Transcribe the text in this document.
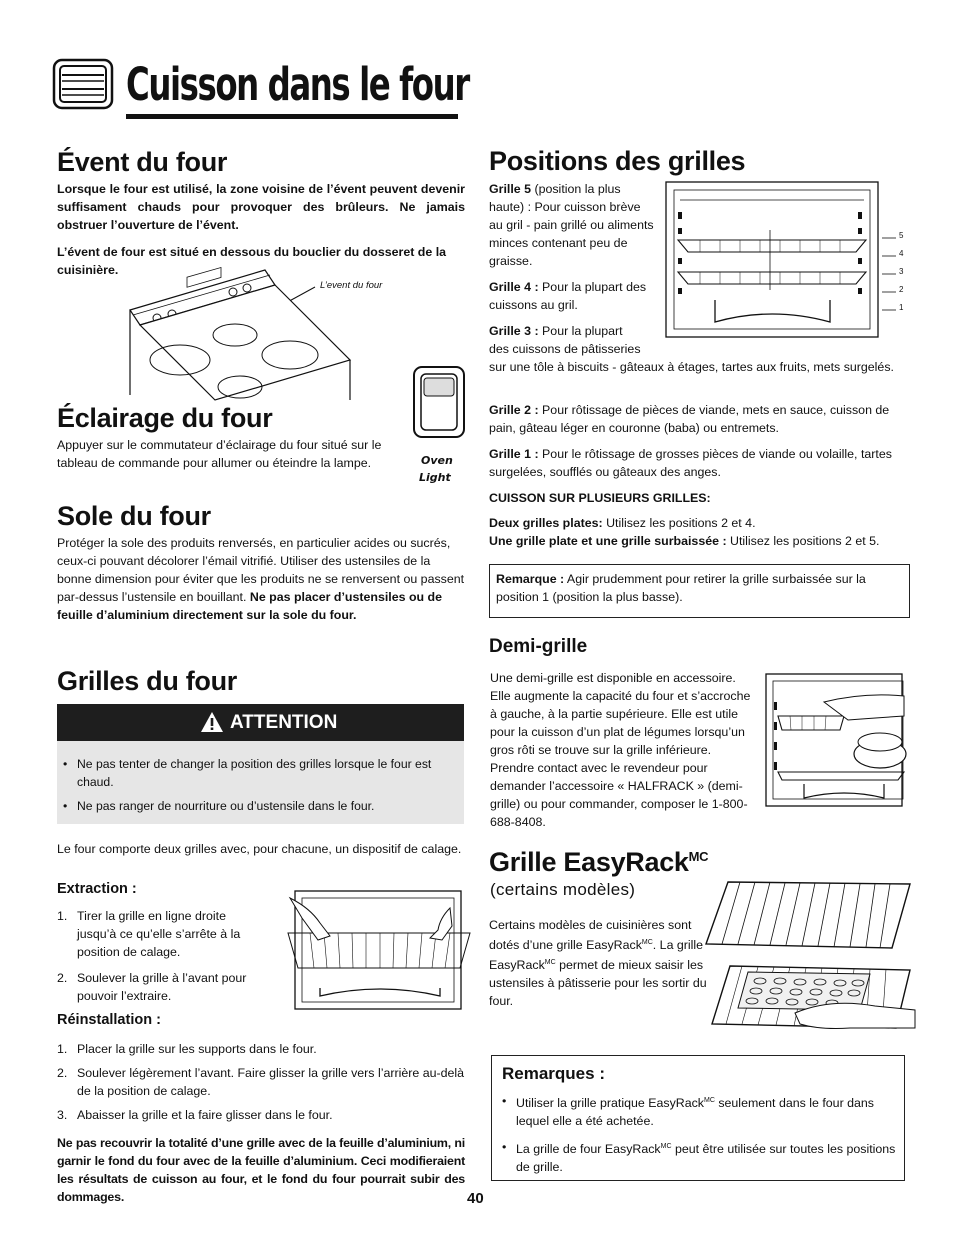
Cuisson dans le four
Évent du four

Lorsque le four est utilisé, la zone voisine de l’évent peuvent devenir suffisament chauds pour provoquer des brûleurs. Ne jamais obstruer l’ouverture de l’évent.

L’évent de four est situé en dessous du bouclier du dosseret de la cuisinière.

L’event du four
Éclairage du four

Appuyer sur le commutateur d’éclairage du four situé sur le tableau de commande pour allumer ou éteindre la lampe.	Oven
Light
Sole du four

Protéger la sole des produits renversés, en particulier acides ou sucrés, ceux-ci pouvant décolorer l’émail vitrifié. Utiliser des ustensiles de la bonne dimension pour éviter que les produits ne se renversent ou passent par-dessus l’ustensile en bouillant. Ne pas placer d’ustensiles ou de feuille d’aluminium directement sur la sole du four.

Grilles du four
ATTENTION
• Ne pas tenter de changer la position des grilles lorsque le four est chaud.
• Ne pas ranger de nourriture ou d’ustensile dans le four.

Le four comporte deux grilles avec, pour chacune, un dispositif de calage.

Extraction :
1. Tirer la grille en ligne droite jusqu’à ce qu’elle s’arrête à la position de calage.
2. Soulever la grille à l’avant pour pouvoir l’extraire.
Réinstallation :
1. Placer la grille sur les supports dans le four.
2. Soulever légèrement l’avant. Faire glisser la grille vers l’arrière au-delà de la position de calage.
3. Abaisser la grille et la faire glisser dans le four.

Ne pas recouvrir la totalité d’une grille avec de la feuille d’aluminium, ni garnir le fond du four avec de la feuille d’aluminium. Ceci modifieraient les résultats de cuisson au four, et le fond du four pourrait subir des dommages.

Positions des grilles

Grille 5 (position la plus haute) : Pour cuisson brève au gril - pain grillé ou aliments minces contenant peu de graisse.

Grille 4 : Pour la plupart des cuissons au gril.

Grille 3 : Pour la plupart

des cuissons de pâtisseries

sur une tôle à biscuits - gâteaux à étages, tartes aux fruits, mets surgelés.

Grille 2 : Pour rôtissage de pièces de viande, mets en sauce, cuisson de pain, gâteau léger en couronne (baba) ou entremets.

Grille 1 : Pour le rôtissage de grosses pièces de viande ou volaille, tartes surgelées, soufflés ou gâteaux des anges.

CUISSON SUR PLUSIEURS GRILLES:

Deux grilles plates: Utilisez les positions 2 et 4.

Une grille plate et une grille surbaissée : Utilisez les positions 2 et 5.

Remarque : Agir prudemment pour retirer la grille surbaissée sur la position 1 (position la plus basse).

5
4
3
2
1
Demi-grille

Une demi-grille est disponible en accessoire. Elle augmente la capacité du four et s’accroche à gauche, à la partie supérieure. Elle est utile pour la cuisson d’un plat de légumes lorsqu’un gros rôti se trouve sur la grille inférieure. Prendre contact avec le revendeur pour demander l’accessoire « HALFRACK » (demi-grille) ou pour commander, composer le 1-800-688-8408.

Grille EasyRack$^{MC}$
(certains modèles)

Certains modèles de cuisinières sont dotés d’une grille EasyRack$^{MC}$. La grille EasyRack$^{MC}$ permet de mieux saisir les ustensiles à pâtisserie pour les sortir du four.

Remarques :
• Utiliser la grille pratique EasyRack$^{MC}$ seulement dans le four dans lequel elle a été achetée.
• La grille de four EasyRack$^{MC}$ peut être utilisée sur toutes les positions de grille.
40
